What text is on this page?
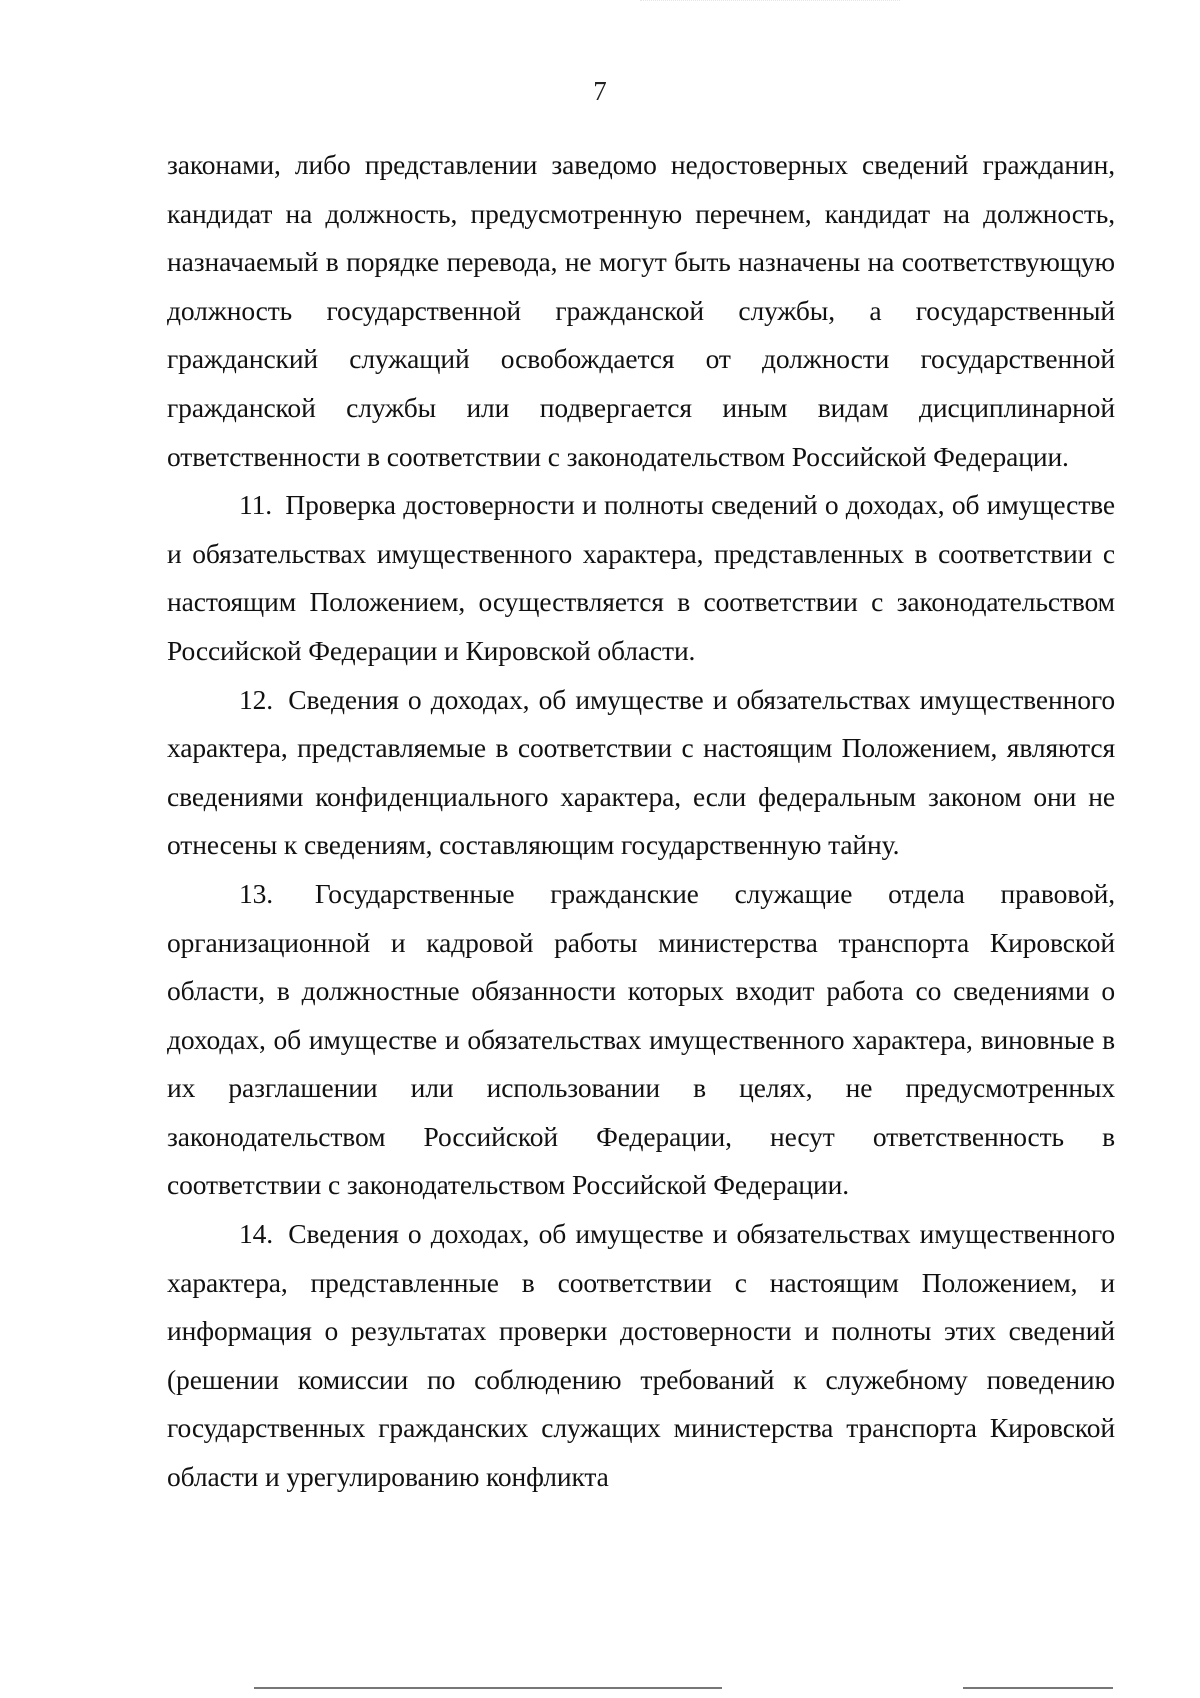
7

законами, либо представлении заведомо недостоверных сведений гражданин, кандидат на должность, предусмотренную перечнем, кандидат на должность, назначаемый в порядке перевода, не могут быть назначены на соответствующую должность государственной гражданской службы, а государственный гражданский служащий освобождается от должности государственной гражданской службы или подвергается иным видам дисциплинарной ответственности в соответствии с законодательством Российской Федерации.

11. Проверка достоверности и полноты сведений о доходах, об имуществе и обязательствах имущественного характера, представленных в соответствии с настоящим Положением, осуществляется в соответствии с законодательством Российской Федерации и Кировской области.

12. Сведения о доходах, об имуществе и обязательствах имущественного характера, представляемые в соответствии с настоящим Положением, являются сведениями конфиденциального характера, если федеральным законом они не отнесены к сведениям, составляющим государственную тайну.

13. Государственные гражданские служащие отдела правовой, организационной и кадровой работы министерства транспорта Кировской области, в должностные обязанности которых входит работа со сведениями о доходах, об имуществе и обязательствах имущественного характера, виновные в их разглашении или использовании в целях, не предусмотренных законодательством Российской Федерации, несут ответственность в соответствии с законодательством Российской Федерации.

14. Сведения о доходах, об имуществе и обязательствах имущественного характера, представленные в соответствии с настоящим Положением, и информация о результатах проверки достоверности и полноты этих сведений (решении комиссии по соблюдению требований к служебному поведению государственных гражданских служащих министерства транспорта Кировской области и урегулированию конфликта
